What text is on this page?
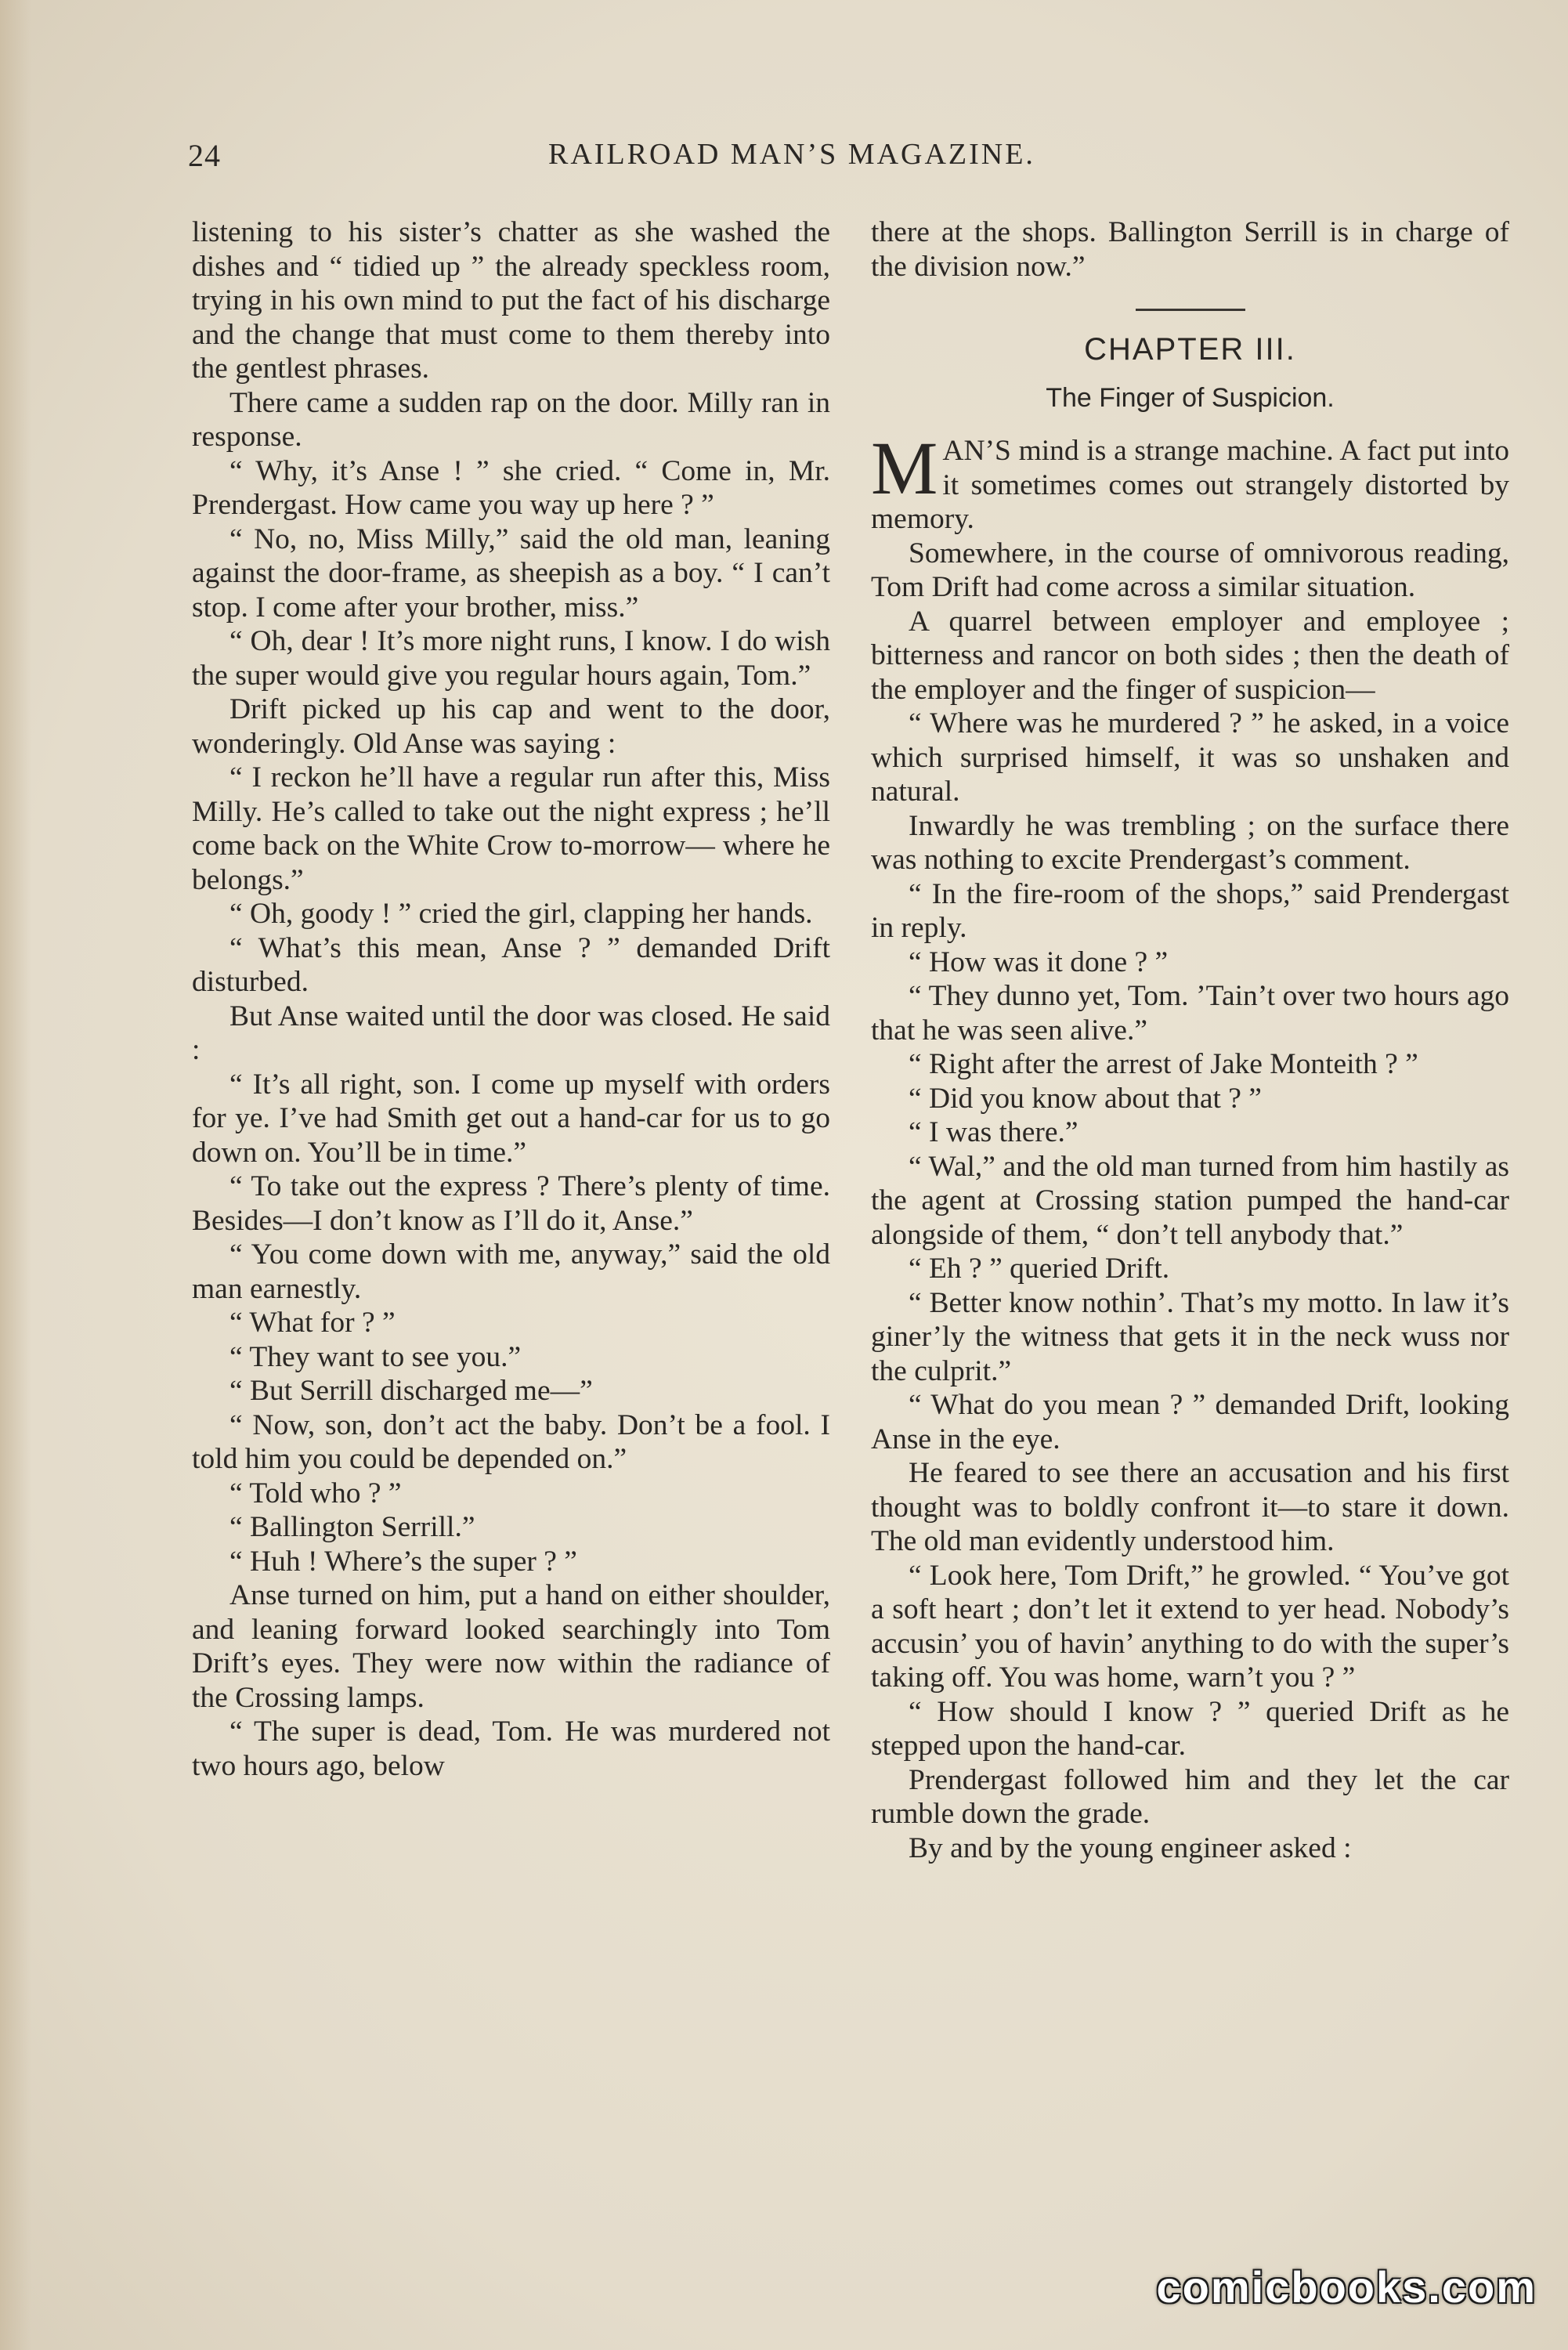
24	RAILROAD MAN’S MAGAZINE.

listening to his sister’s chatter as she washed the dishes and “ tidied up ” the already speckless room, trying in his own mind to put the fact of his discharge and the change that must come to them thereby into the gentlest phrases.

There came a sudden rap on the door. Milly ran in response.

“ Why, it’s Anse ! ” she cried. “ Come in, Mr. Prendergast. How came you way up here ? ”

“ No, no, Miss Milly,” said the old man, leaning against the door-frame, as sheepish as a boy. “ I can’t stop. I come after your brother, miss.”

“ Oh, dear ! It’s more night runs, I know. I do wish the super would give you regular hours again, Tom.”

Drift picked up his cap and went to the door, wonderingly. Old Anse was saying :

“ I reckon he’ll have a regular run after this, Miss Milly. He’s called to take out the night express ; he’ll come back on the White Crow to-morrow— where he belongs.”

“ Oh, goody ! ” cried the girl, clapping her hands.

“ What’s this mean, Anse ? ” demanded Drift disturbed.

But Anse waited until the door was closed. He said :

“ It’s all right, son. I come up myself with orders for ye. I’ve had Smith get out a hand-car for us to go down on. You’ll be in time.”

“ To take out the express ? There’s plenty of time. Besides—I don’t know as I’ll do it, Anse.”

“ You come down with me, anyway,” said the old man earnestly.

“ What for ? ”

“ They want to see you.”

“ But Serrill discharged me—”

“ Now, son, don’t act the baby. Don’t be a fool. I told him you could be depended on.”

“ Told who ? ”

“ Ballington Serrill.”

“ Huh ! Where’s the super ? ”

Anse turned on him, put a hand on either shoulder, and leaning forward looked searchingly into Tom Drift’s eyes. They were now within the radiance of the Crossing lamps.

“ The super is dead, Tom. He was murdered not two hours ago, below

there at the shops. Ballington Serrill is in charge of the division now.”

CHAPTER III.
The Finger of Suspicion.

MAN’S mind is a strange machine. A fact put into it sometimes comes out strangely distorted by memory.

Somewhere, in the course of omnivorous reading, Tom Drift had come across a similar situation.

A quarrel between employer and employee ; bitterness and rancor on both sides ; then the death of the employer and the finger of suspicion—

“ Where was he murdered ? ” he asked, in a voice which surprised himself, it was so unshaken and natural.

Inwardly he was trembling ; on the surface there was nothing to excite Prendergast’s comment.

“ In the fire-room of the shops,” said Prendergast in reply.

“ How was it done ? ”

“ They dunno yet, Tom. ’Tain’t over two hours ago that he was seen alive.”

“ Right after the arrest of Jake Monteith ? ”

“ Did you know about that ? ”

“ I was there.”

“ Wal,” and the old man turned from him hastily as the agent at Crossing station pumped the hand-car alongside of them, “ don’t tell anybody that.”

“ Eh ? ” queried Drift.

“ Better know nothin’. That’s my motto. In law it’s giner’ly the witness that gets it in the neck wuss nor the culprit.”

“ What do you mean ? ” demanded Drift, looking Anse in the eye.

He feared to see there an accusation and his first thought was to boldly confront it—to stare it down. The old man evidently understood him.

“ Look here, Tom Drift,” he growled. “ You’ve got a soft heart ; don’t let it extend to yer head. Nobody’s accusin’ you of havin’ anything to do with the super’s taking off. You was home, warn’t you ? ”

“ How should I know ? ” queried Drift as he stepped upon the hand-car.

Prendergast followed him and they let the car rumble down the grade.

By and by the young engineer asked :

comicbooks.com
